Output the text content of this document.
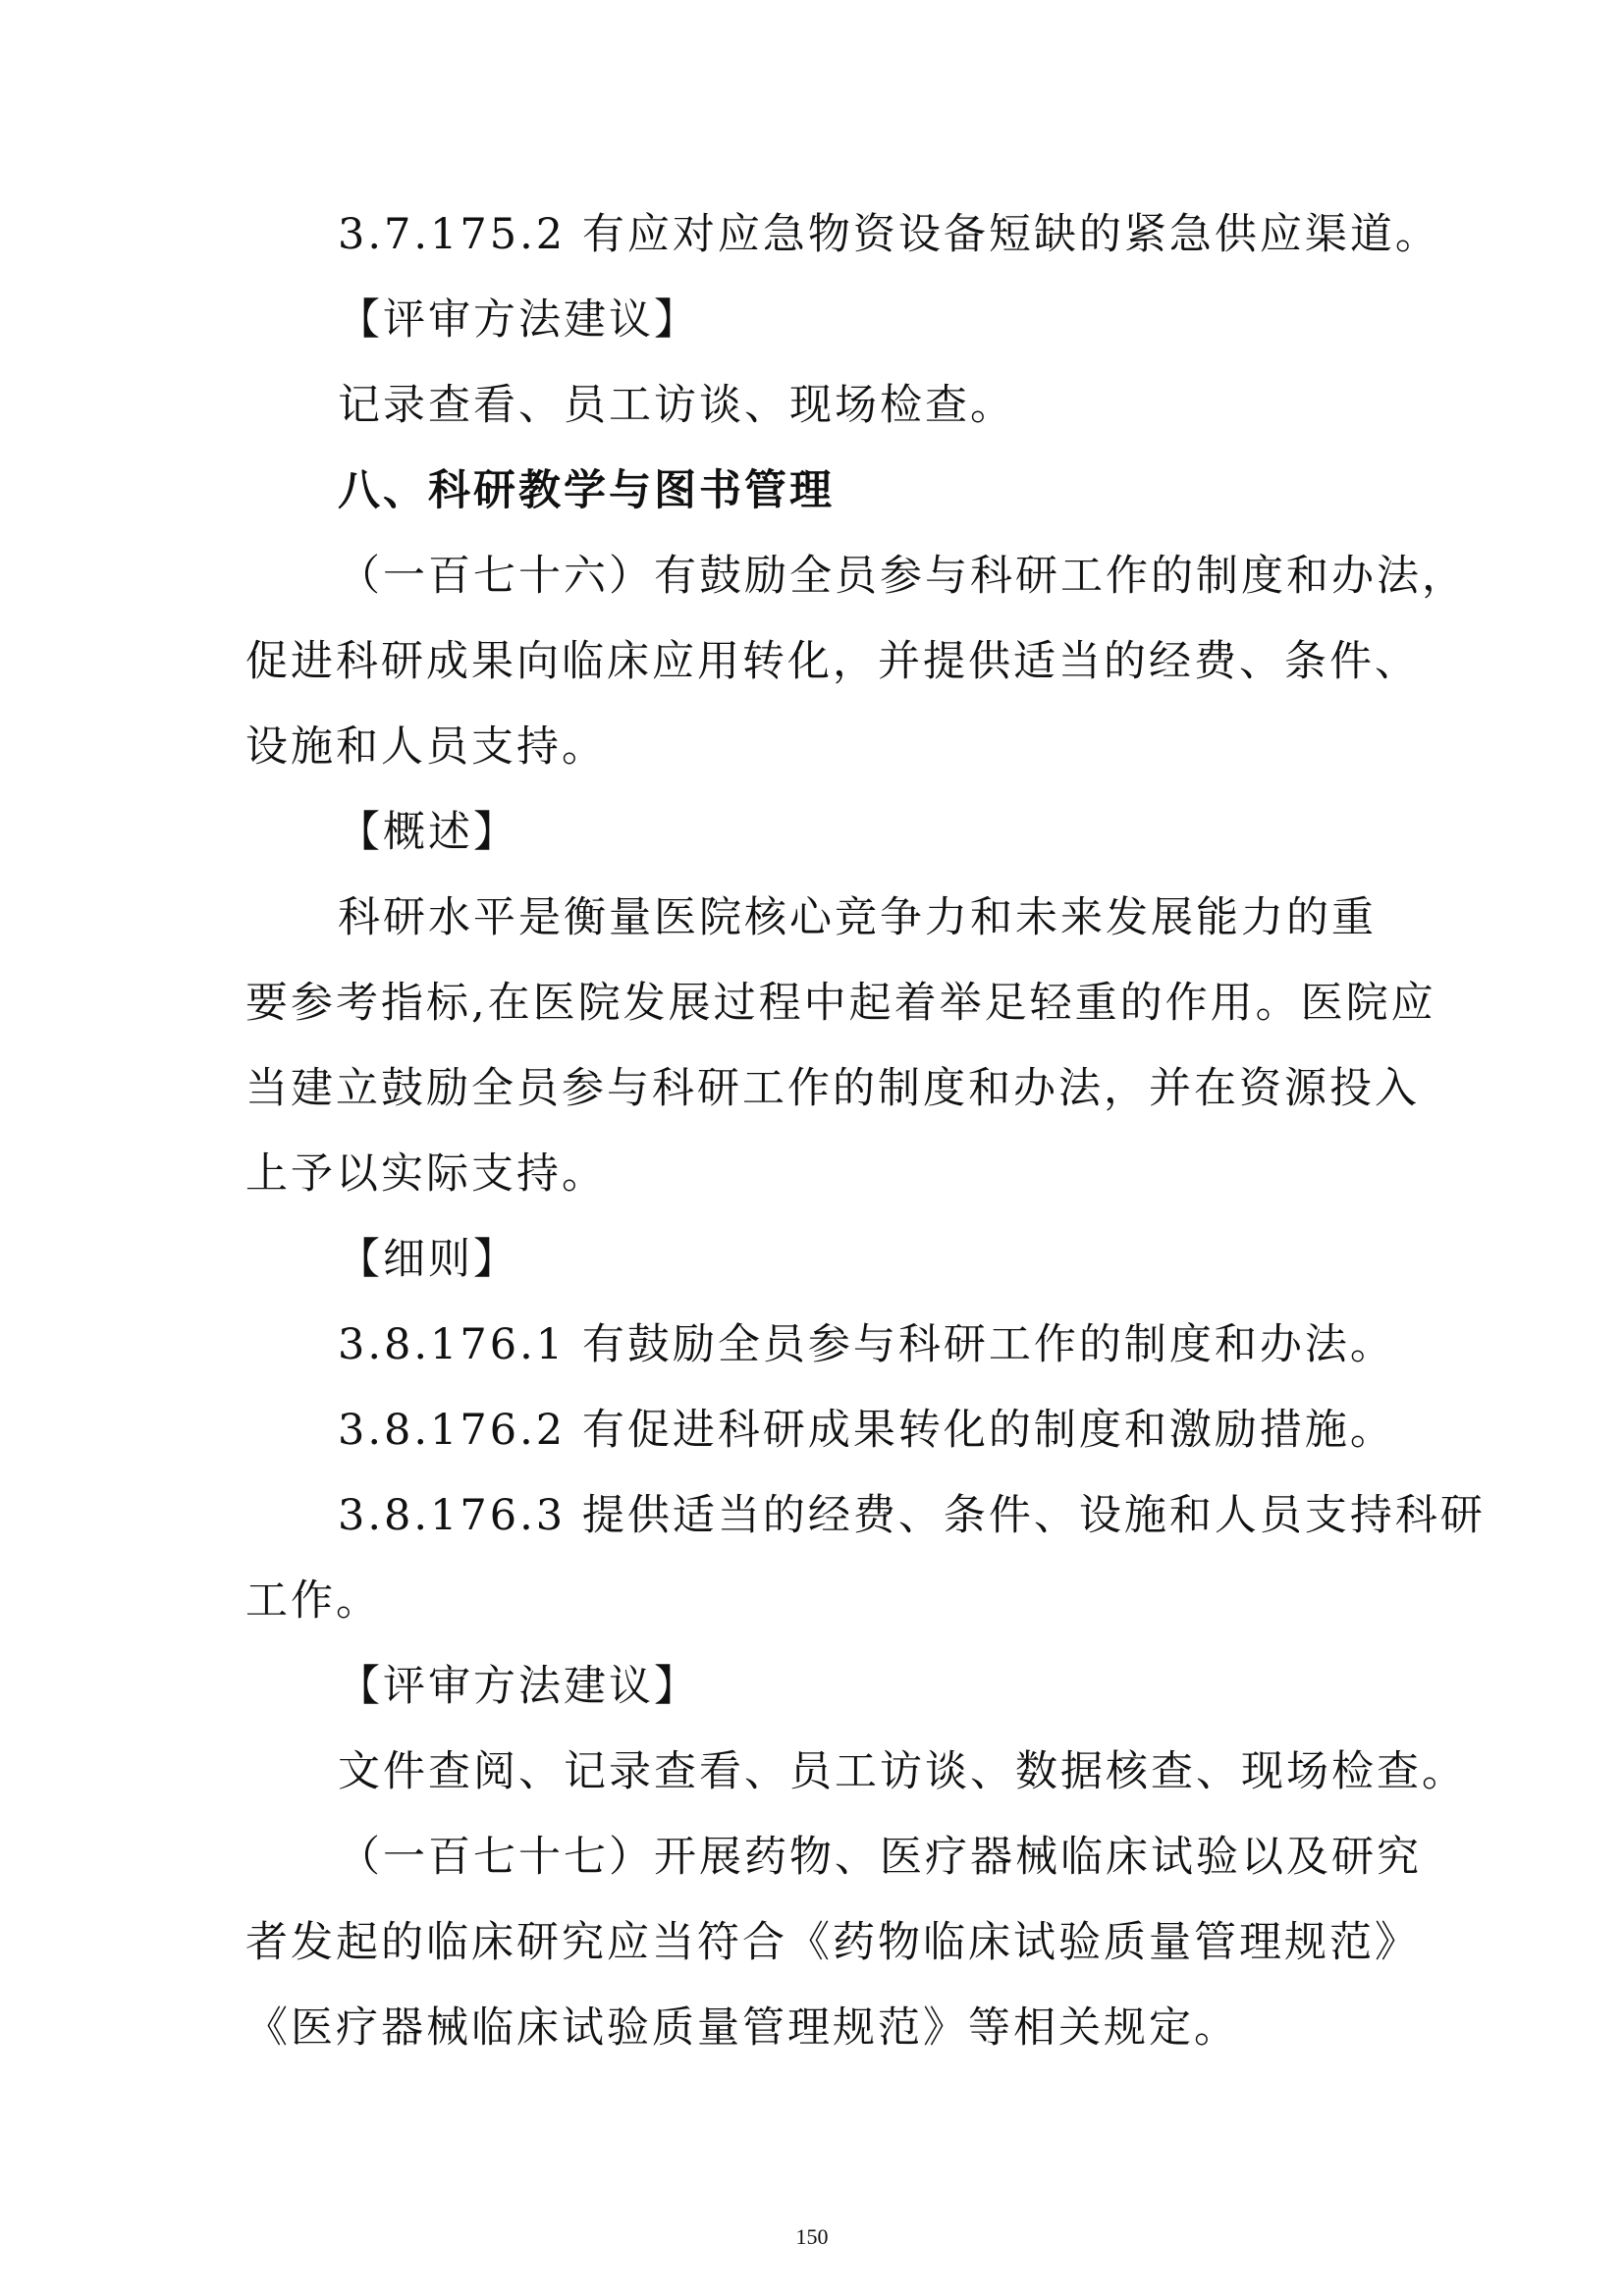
3.7.175.2 有应对应急物资设备短缺的紧急供应渠道。
【评审方法建议】
记录查看、员工访谈、现场检查。
八、科研教学与图书管理
（一百七十六）有鼓励全员参与科研工作的制度和办法，
促进科研成果向临床应用转化，并提供适当的经费、条件、
设施和人员支持。
【概述】
科研水平是衡量医院核心竞争力和未来发展能力的重
要参考指标,在医院发展过程中起着举足轻重的作用。医院应
当建立鼓励全员参与科研工作的制度和办法，并在资源投入
上予以实际支持。
【细则】
3.8.176.1 有鼓励全员参与科研工作的制度和办法。
3.8.176.2 有促进科研成果转化的制度和激励措施。
3.8.176.3 提供适当的经费、条件、设施和人员支持科研
工作。
【评审方法建议】
文件查阅、记录查看、员工访谈、数据核查、现场检查。
（一百七十七）开展药物、医疗器械临床试验以及研究
者发起的临床研究应当符合《药物临床试验质量管理规范》
《医疗器械临床试验质量管理规范》等相关规定。
150
